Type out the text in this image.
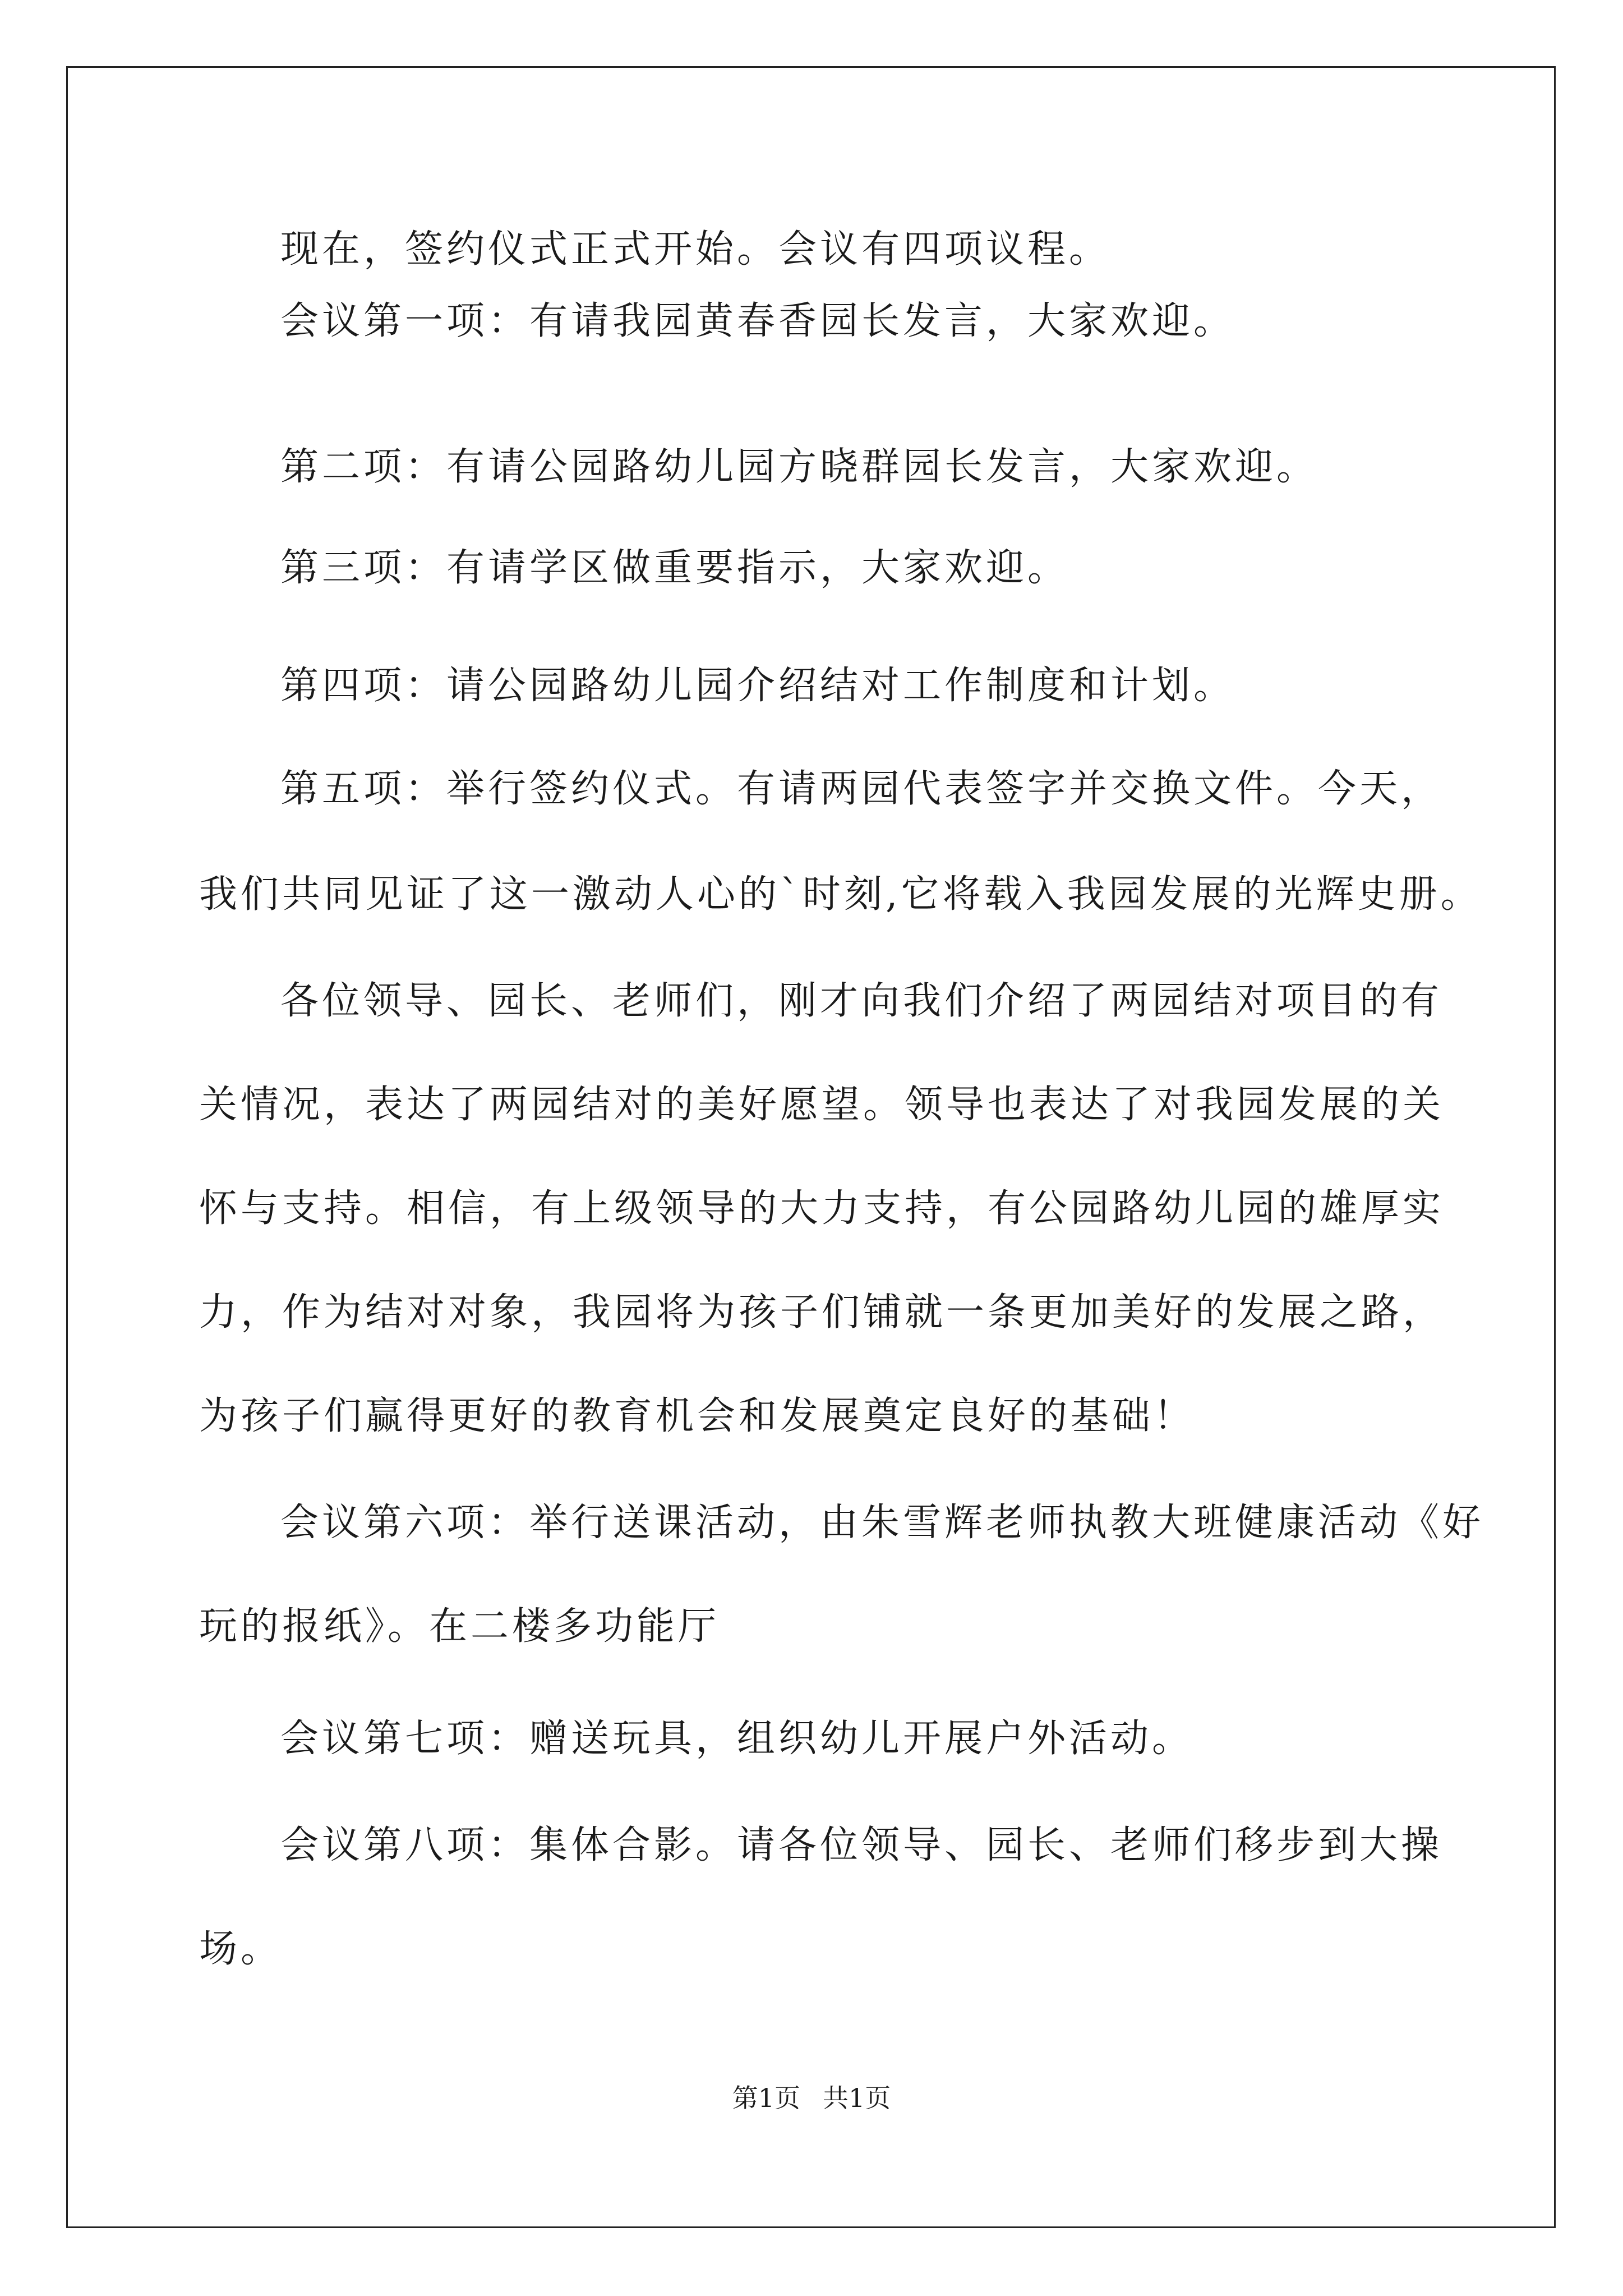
现在，签约仪式正式开始。会议有四项议程。
会议第一项：有请我园黄春香园长发言，大家欢迎。
第二项：有请公园路幼儿园方晓群园长发言，大家欢迎。
第三项：有请学区做重要指示，大家欢迎。
第四项：请公园路幼儿园介绍结对工作制度和计划。
第五项：举行签约仪式。有请两园代表签字并交换文件。今天，
我们共同见证了这一激动人心的`时刻,它将载入我园发展的光辉史册。
各位领导、园长、老师们，刚才向我们介绍了两园结对项目的有
关情况，表达了两园结对的美好愿望。领导也表达了对我园发展的关
怀与支持。相信，有上级领导的大力支持，有公园路幼儿园的雄厚实
力，作为结对对象，我园将为孩子们铺就一条更加美好的发展之路，
为孩子们赢得更好的教育机会和发展奠定良好的基础！
会议第六项：举行送课活动，由朱雪辉老师执教大班健康活动《好
玩的报纸》。在二楼多功能厅
会议第七项：赠送玩具，组织幼儿开展户外活动。
会议第八项：集体合影。请各位领导、园长、老师们移步到大操
场。
第1页 共1页
